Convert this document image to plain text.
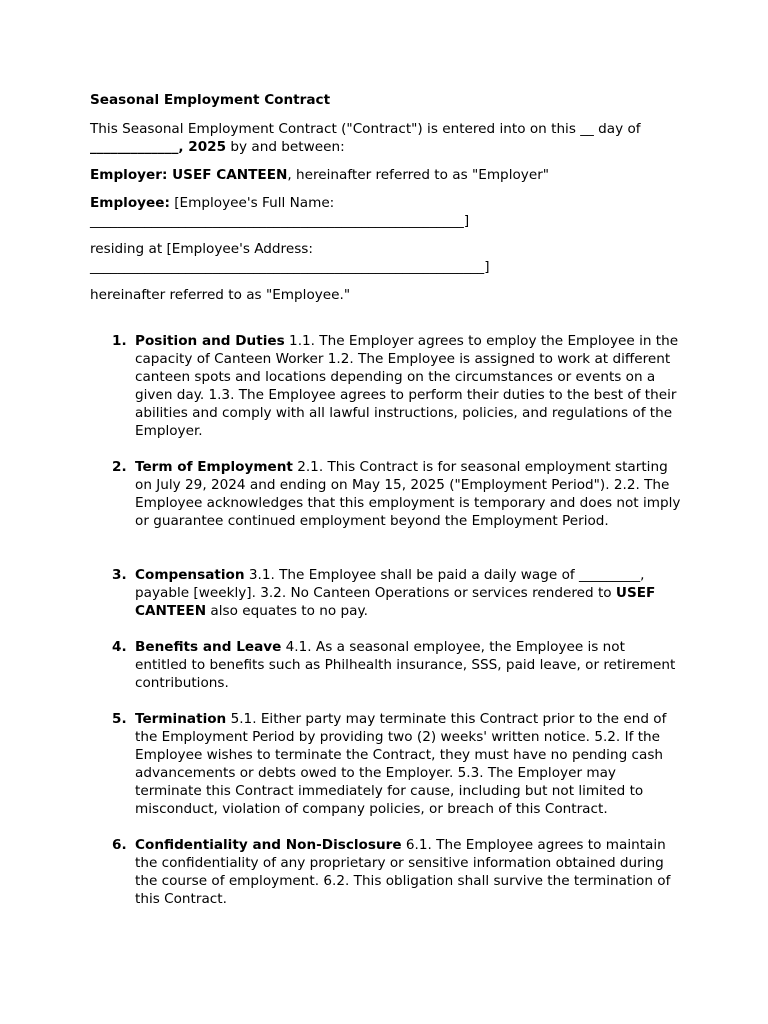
Seasonal Employment Contract
This Seasonal Employment Contract ("Contract") is entered into on this __ day of
_____________, 2025 by and between:
Employer: USEF CANTEEN, hereinafter referred to as "Employer"
Employee: [Employee's Full Name:
_______________________________________________________]
residing at [Employee's Address:
__________________________________________________________]
hereinafter referred to as "Employee."
1. Position and Duties 1.1. The Employer agrees to employ the Employee in the capacity of Canteen Worker 1.2. The Employee is assigned to work at different canteen spots and locations depending on the circumstances or events on a given day. 1.3. The Employee agrees to perform their duties to the best of their abilities and comply with all lawful instructions, policies, and regulations of the Employer.
2. Term of Employment 2.1. This Contract is for seasonal employment starting on July 29, 2024 and ending on May 15, 2025 ("Employment Period"). 2.2. The Employee acknowledges that this employment is temporary and does not imply or guarantee continued employment beyond the Employment Period.
3. Compensation 3.1. The Employee shall be paid a daily wage of _________, payable [weekly]. 3.2. No Canteen Operations or services rendered to USEF CANTEEN also equates to no pay.
4. Benefits and Leave 4.1. As a seasonal employee, the Employee is not entitled to benefits such as Philhealth insurance, SSS, paid leave, or retirement contributions.
5. Termination 5.1. Either party may terminate this Contract prior to the end of the Employment Period by providing two (2) weeks' written notice. 5.2. If the Employee wishes to terminate the Contract, they must have no pending cash advancements or debts owed to the Employer. 5.3. The Employer may terminate this Contract immediately for cause, including but not limited to misconduct, violation of company policies, or breach of this Contract.
6. Confidentiality and Non-Disclosure 6.1. The Employee agrees to maintain the confidentiality of any proprietary or sensitive information obtained during the course of employment. 6.2. This obligation shall survive the termination of this Contract.
